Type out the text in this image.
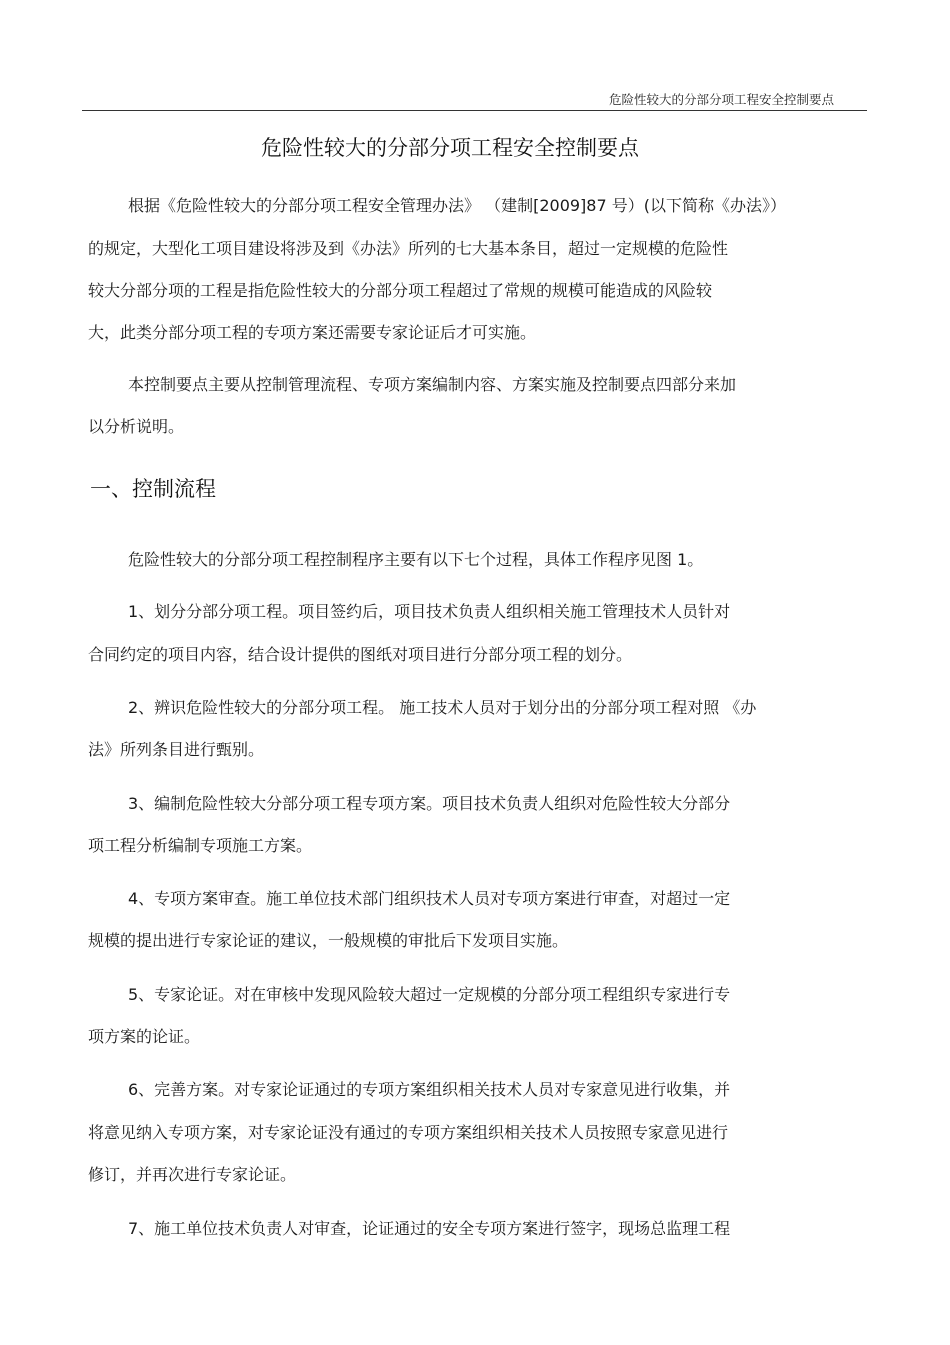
危险性较大的分部分项工程安全控制要点
危险性较大的分部分项工程安全控制要点
根据《危险性较大的分部分项工程安全管理办法》 （建制[2009]87 号）(以下简称《办法》）
的规定，大型化工项目建设将涉及到《办法》所列的七大基本条目，超过一定规模的危险性
较大分部分项的工程是指危险性较大的分部分项工程超过了常规的规模可能造成的风险较
大，此类分部分项工程的专项方案还需要专家论证后才可实施。
本控制要点主要从控制管理流程、专项方案编制内容、方案实施及控制要点四部分来加
以分析说明。
一、控制流程
危险性较大的分部分项工程控制程序主要有以下七个过程，具体工作程序见图 1。
1、划分分部分项工程。项目签约后，项目技术负责人组织相关施工管理技术人员针对
合同约定的项目内容，结合设计提供的图纸对项目进行分部分项工程的划分。
2、辨识危险性较大的分部分项工程。 施工技术人员对于划分出的分部分项工程对照 《办
法》所列条目进行甄别。
3、编制危险性较大分部分项工程专项方案。项目技术负责人组织对危险性较大分部分
项工程分析编制专项施工方案。
4、专项方案审查。施工单位技术部门组织技术人员对专项方案进行审查，对超过一定
规模的提出进行专家论证的建议，一般规模的审批后下发项目实施。
5、专家论证。对在审核中发现风险较大超过一定规模的分部分项工程组织专家进行专
项方案的论证。
6、完善方案。对专家论证通过的专项方案组织相关技术人员对专家意见进行收集，并
将意见纳入专项方案，对专家论证没有通过的专项方案组织相关技术人员按照专家意见进行
修订，并再次进行专家论证。
7、施工单位技术负责人对审查，论证通过的安全专项方案进行签字，现场总监理工程
